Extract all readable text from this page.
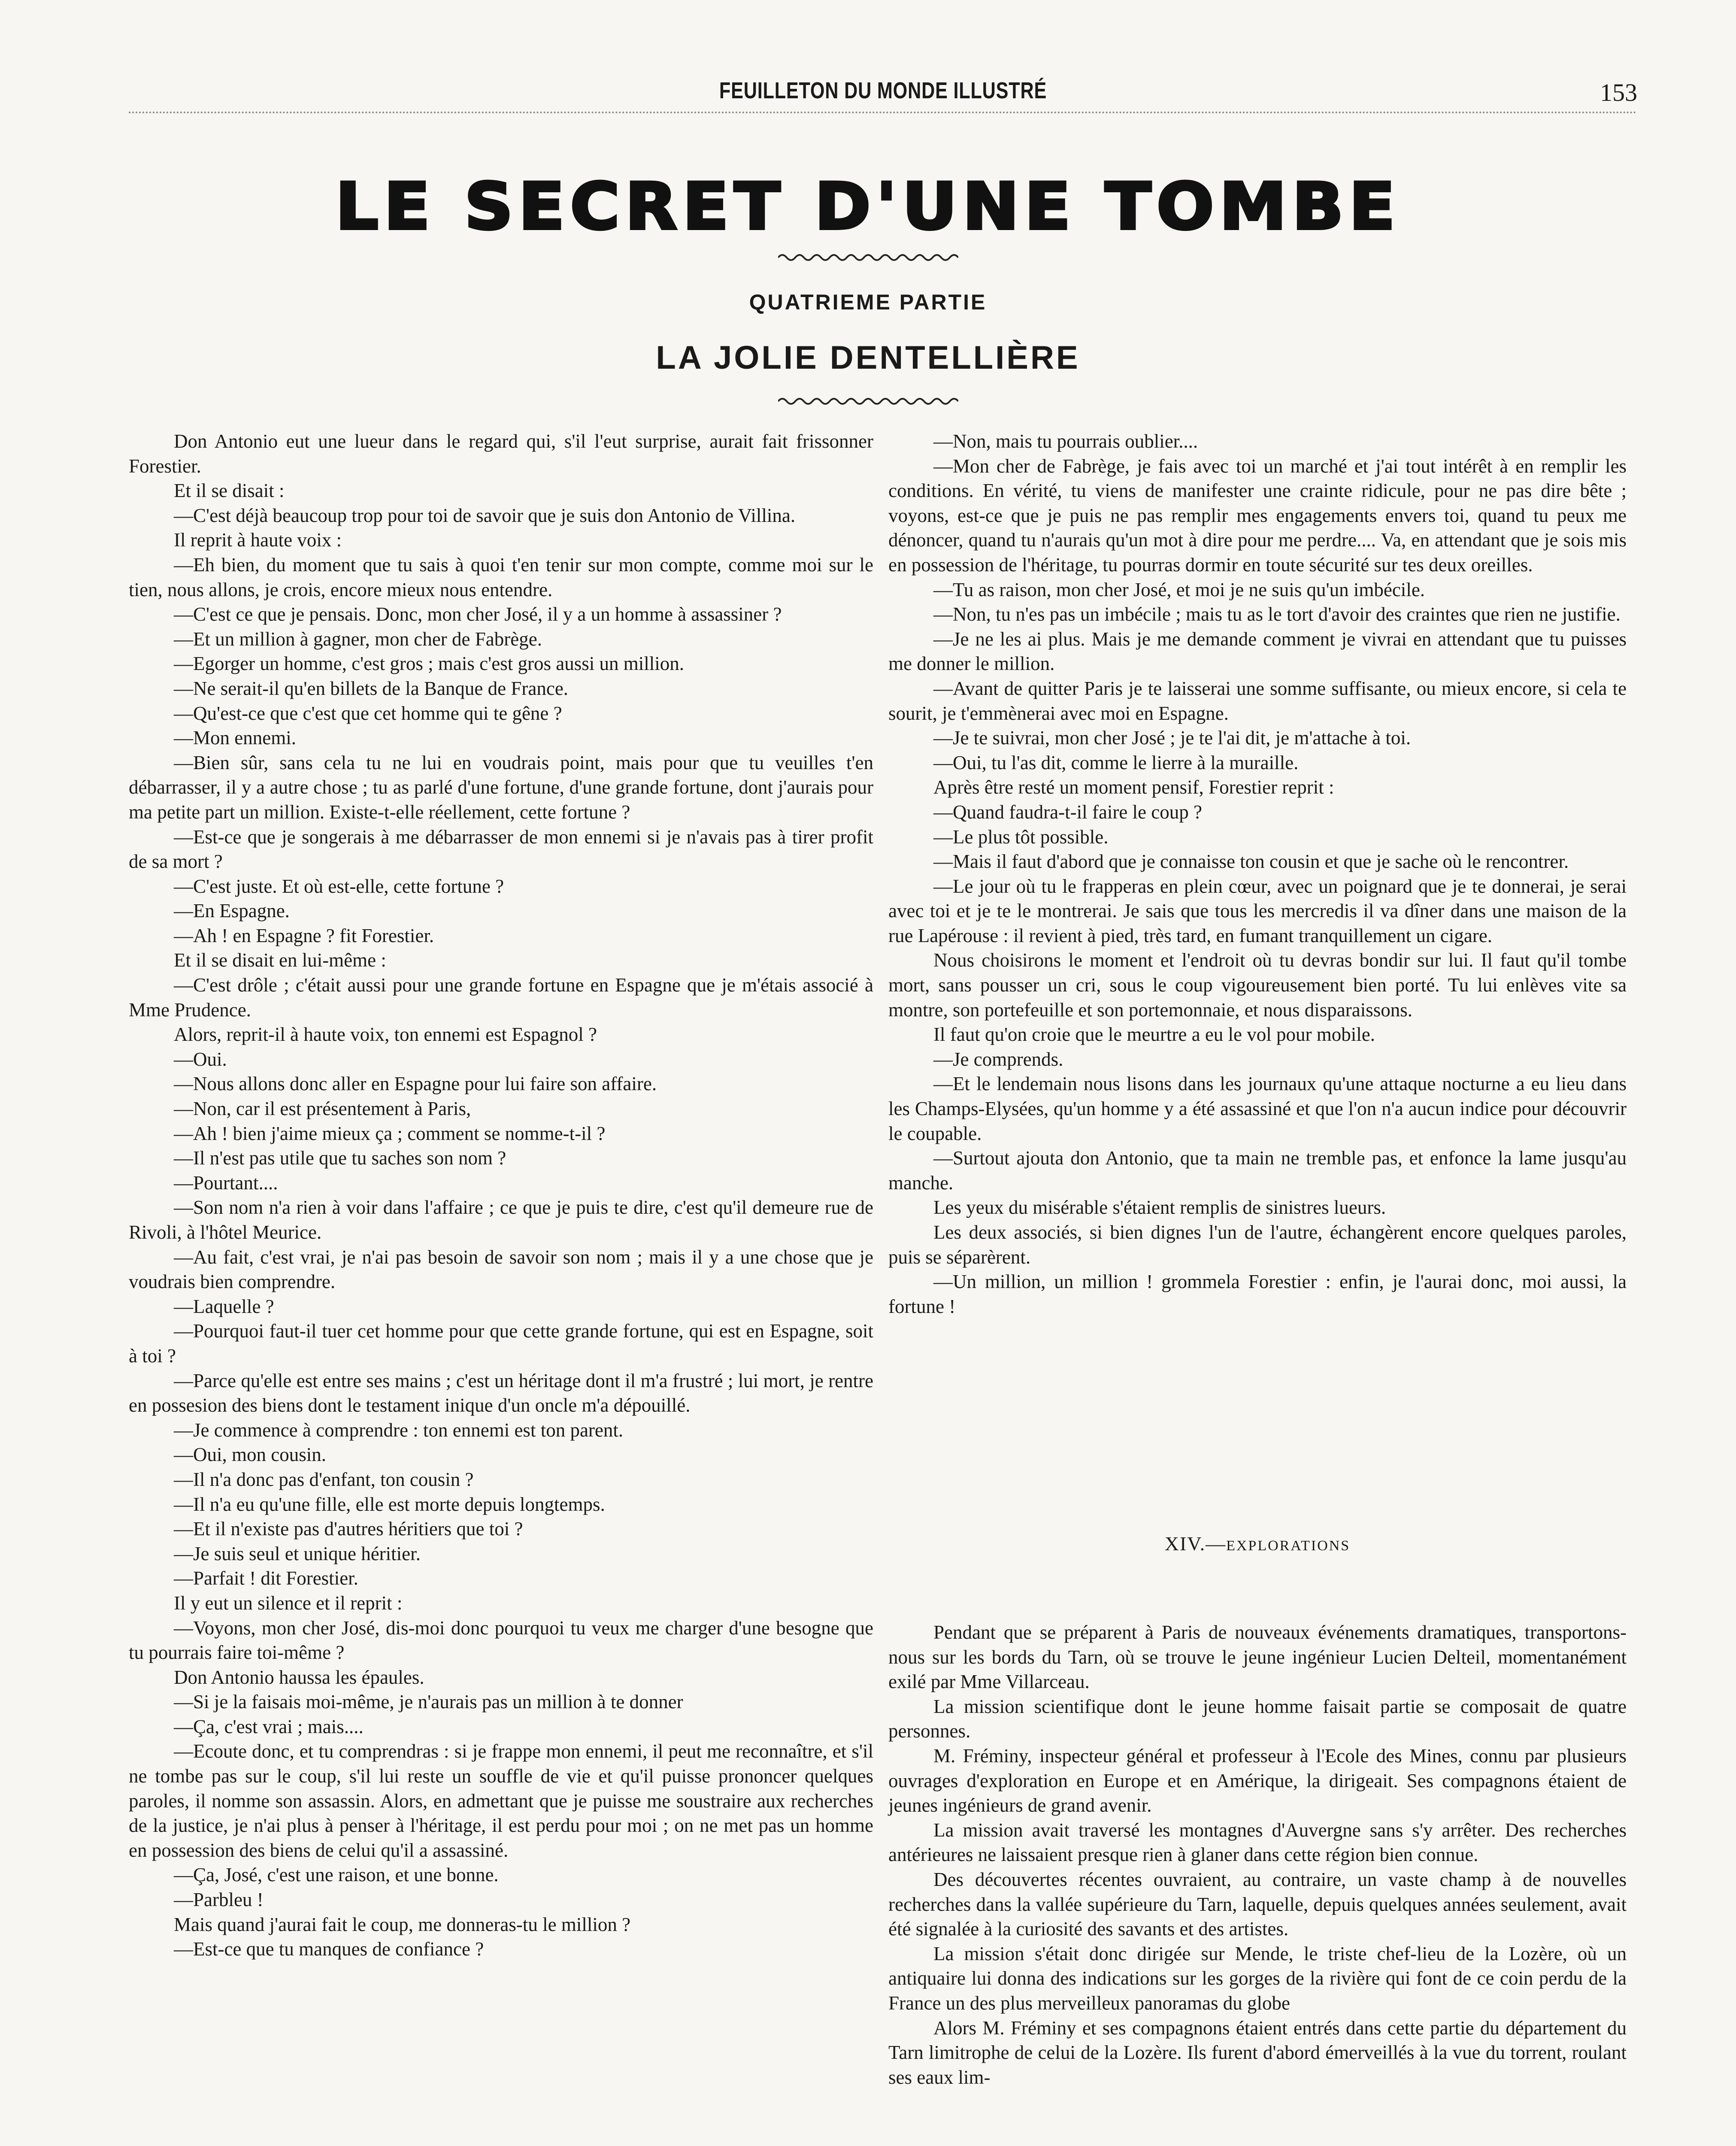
FEUILLETON DU MONDE ILLUSTRÉ	153
LE SECRET D'UNE TOMBE
QUATRIEME PARTIE
LA JOLIE DENTELLIÈRE

Don Antonio eut une lueur dans le regard qui, s'il l'eut surprise, aurait fait frissonner Forestier.

Et il se disait :

—C'est déjà beaucoup trop pour toi de savoir que je suis don Antonio de Villina.

Il reprit à haute voix :

—Eh bien, du moment que tu sais à quoi t'en tenir sur mon compte, comme moi sur le tien, nous allons, je crois, encore mieux nous entendre.

—C'est ce que je pensais. Donc, mon cher José, il y a un homme à assassiner ?

—Et un million à gagner, mon cher de Fabrège.

—Egorger un homme, c'est gros ; mais c'est gros aussi un million.

—Ne serait-il qu'en billets de la Banque de France.

—Qu'est-ce que c'est que cet homme qui te gêne ?

—Mon ennemi.

—Bien sûr, sans cela tu ne lui en voudrais point, mais pour que tu veuilles t'en débarrasser, il y a autre chose ; tu as parlé d'une fortune, d'une grande fortune, dont j'aurais pour ma petite part un million. Existe-t-elle réellement, cette fortune ?

—Est-ce que je songerais à me débarrasser de mon ennemi si je n'avais pas à tirer profit de sa mort ?

—C'est juste. Et où est-elle, cette fortune ?

—En Espagne.

—Ah ! en Espagne ? fit Forestier.

Et il se disait en lui-même :

—C'est drôle ; c'était aussi pour une grande fortune en Espagne que je m'étais associé à Mme Prudence.

Alors, reprit-il à haute voix, ton ennemi est Espagnol ?

—Oui.

—Nous allons donc aller en Espagne pour lui faire son affaire.

—Non, car il est présentement à Paris,

—Ah ! bien j'aime mieux ça ; comment se nomme-t-il ?

—Il n'est pas utile que tu saches son nom ?

—Pourtant....

—Son nom n'a rien à voir dans l'affaire ; ce que je puis te dire, c'est qu'il demeure rue de Rivoli, à l'hôtel Meurice.

—Au fait, c'est vrai, je n'ai pas besoin de savoir son nom ; mais il y a une chose que je voudrais bien comprendre.

—Laquelle ?

—Pourquoi faut-il tuer cet homme pour que cette grande fortune, qui est en Espagne, soit à toi ?

—Parce qu'elle est entre ses mains ; c'est un héritage dont il m'a frustré ; lui mort, je rentre en possesion des biens dont le testament inique d'un oncle m'a dépouillé.

—Je commence à comprendre : ton ennemi est ton parent.

—Oui, mon cousin.

—Il n'a donc pas d'enfant, ton cousin ?

—Il n'a eu qu'une fille, elle est morte depuis longtemps.

—Et il n'existe pas d'autres héritiers que toi ?

—Je suis seul et unique héritier.

—Parfait ! dit Forestier.

Il y eut un silence et il reprit :

—Voyons, mon cher José, dis-moi donc pourquoi tu veux me charger d'une besogne que tu pourrais faire toi-même ?

Don Antonio haussa les épaules.

—Si je la faisais moi-même, je n'aurais pas un million à te donner

—Ça, c'est vrai ; mais....

—Ecoute donc, et tu comprendras : si je frappe mon ennemi, il peut me reconnaître, et s'il ne tombe pas sur le coup, s'il lui reste un souffle de vie et qu'il puisse prononcer quelques paroles, il nomme son assassin. Alors, en admettant que je puisse me soustraire aux recherches de la justice, je n'ai plus à penser à l'héritage, il est perdu pour moi ; on ne met pas un homme en possession des biens de celui qu'il a assassiné.

—Ça, José, c'est une raison, et une bonne.

—Parbleu !

Mais quand j'aurai fait le coup, me donneras-tu le million ?

—Est-ce que tu manques de confiance ?

—Non, mais tu pourrais oublier....

—Mon cher de Fabrège, je fais avec toi un marché et j'ai tout intérêt à en remplir les conditions. En vérité, tu viens de manifester une crainte ridicule, pour ne pas dire bête ; voyons, est-ce que je puis ne pas remplir mes engagements envers toi, quand tu peux me dénoncer, quand tu n'aurais qu'un mot à dire pour me perdre.... Va, en attendant que je sois mis en possession de l'héritage, tu pourras dormir en toute sécurité sur tes deux oreilles.

—Tu as raison, mon cher José, et moi je ne suis qu'un imbécile.

—Non, tu n'es pas un imbécile ; mais tu as le tort d'avoir des craintes que rien ne justifie.

—Je ne les ai plus. Mais je me demande comment je vivrai en attendant que tu puisses me donner le million.

—Avant de quitter Paris je te laisserai une somme suffisante, ou mieux encore, si cela te sourit, je t'emmènerai avec moi en Espagne.

—Je te suivrai, mon cher José ; je te l'ai dit, je m'attache à toi.

—Oui, tu l'as dit, comme le lierre à la muraille.

Après être resté un moment pensif, Forestier reprit :

—Quand faudra-t-il faire le coup ?

—Le plus tôt possible.

—Mais il faut d'abord que je connaisse ton cousin et que je sache où le rencontrer.

—Le jour où tu le frapperas en plein cœur, avec un poignard que je te donnerai, je serai avec toi et je te le montrerai. Je sais que tous les mercredis il va dîner dans une maison de la rue Lapérouse : il revient à pied, très tard, en fumant tranquillement un cigare.

Nous choisirons le moment et l'endroit où tu devras bondir sur lui. Il faut qu'il tombe mort, sans pousser un cri, sous le coup vigoureusement bien porté. Tu lui enlèves vite sa montre, son portefeuille et son portemonnaie, et nous disparaissons.

Il faut qu'on croie que le meurtre a eu le vol pour mobile.

—Je comprends.

—Et le lendemain nous lisons dans les journaux qu'une attaque nocturne a eu lieu dans les Champs-Elysées, qu'un homme y a été assassiné et que l'on n'a aucun indice pour découvrir le coupable.

—Surtout ajouta don Antonio, que ta main ne tremble pas, et enfonce la lame jusqu'au manche.

Les yeux du misérable s'étaient remplis de sinistres lueurs.

Les deux associés, si bien dignes l'un de l'autre, échangèrent encore quelques paroles, puis se séparèrent.

—Un million, un million ! grommela Forestier : enfin, je l'aurai donc, moi aussi, la fortune !

XIV.—EXPLORATIONS

Pendant que se préparent à Paris de nouveaux événements dramatiques, transportons-nous sur les bords du Tarn, où se trouve le jeune ingénieur Lucien Delteil, momentanément exilé par Mme Villarceau.

La mission scientifique dont le jeune homme faisait partie se composait de quatre personnes.

M. Fréminy, inspecteur général et professeur à l'Ecole des Mines, connu par plusieurs ouvrages d'exploration en Europe et en Amérique, la dirigeait. Ses compagnons étaient de jeunes ingénieurs de grand avenir.

La mission avait traversé les montagnes d'Auvergne sans s'y arrêter. Des recherches antérieures ne laissaient presque rien à glaner dans cette région bien connue.

Des découvertes récentes ouvraient, au contraire, un vaste champ à de nouvelles recherches dans la vallée supérieure du Tarn, laquelle, depuis quelques années seulement, avait été signalée à la curiosité des savants et des artistes.

La mission s'était donc dirigée sur Mende, le triste chef-lieu de la Lozère, où un antiquaire lui donna des indications sur les gorges de la rivière qui font de ce coin perdu de la France un des plus merveilleux panoramas du globe

Alors M. Fréminy et ses compagnons étaient entrés dans cette partie du département du Tarn limitrophe de celui de la Lozère. Ils furent d'abord émerveillés à la vue du torrent, roulant ses eaux lim-
